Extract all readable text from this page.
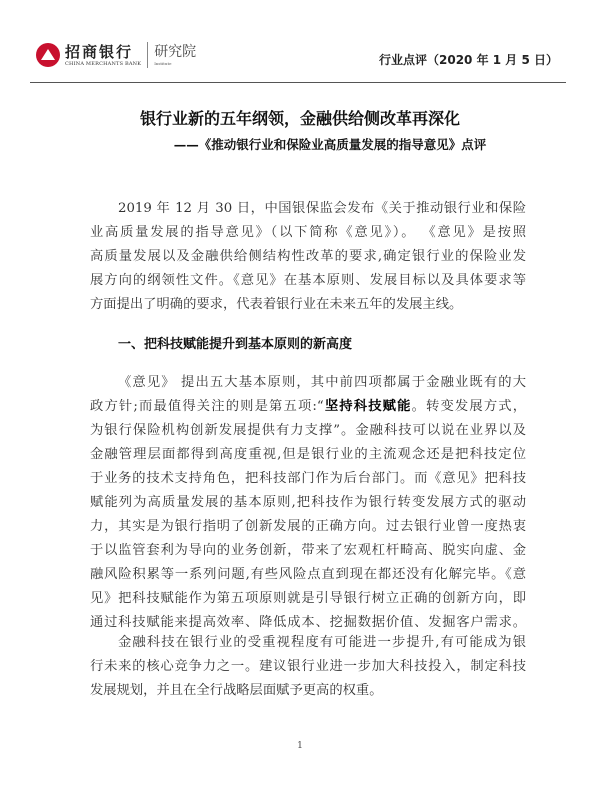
招商银行
CHINA MERCHANTS BANK
研究院
Institute	行业点评（2020 年 1 月 5 日）
银行业新的五年纲领，金融供给侧改革再深化
——《推动银行业和保险业高质量发展的指导意见》点评
2019 年 12 月 30 日，中国银保监会发布《关于推动银行业和保险
业高质量发展的指导意见》（以下简称《意见》）。 《意见》是按照
高质量发展以及金融供给侧结构性改革的要求,确定银行业的保险业发
展方向的纲领性文件。《意见》在基本原则、发展目标以及具体要求等
方面提出了明确的要求，代表着银行业在未来五年的发展主线。
一、把科技赋能提升到基本原则的新高度
《意见》 提出五大基本原则，其中前四项都属于金融业既有的大
政方针;而最值得关注的则是第五项:“坚持科技赋能。转变发展方式，
为银行保险机构创新发展提供有力支撑”。金融科技可以说在业界以及
金融管理层面都得到高度重视,但是银行业的主流观念还是把科技定位
于业务的技术支持角色，把科技部门作为后台部门。而《意见》把科技
赋能列为高质量发展的基本原则,把科技作为银行转变发展方式的驱动
力，其实是为银行指明了创新发展的正确方向。过去银行业曾一度热衷
于以监管套利为导向的业务创新，带来了宏观杠杆畸高、脱实向虚、金
融风险积累等一系列问题,有些风险点直到现在都还没有化解完毕。《意
见》把科技赋能作为第五项原则就是引导银行树立正确的创新方向，即
通过科技赋能来提高效率、降低成本、挖掘数据价值、发掘客户需求。
金融科技在银行业的受重视程度有可能进一步提升,有可能成为银
行未来的核心竞争力之一。建议银行业进一步加大科技投入，制定科技
发展规划，并且在全行战略层面赋予更高的权重。
1
